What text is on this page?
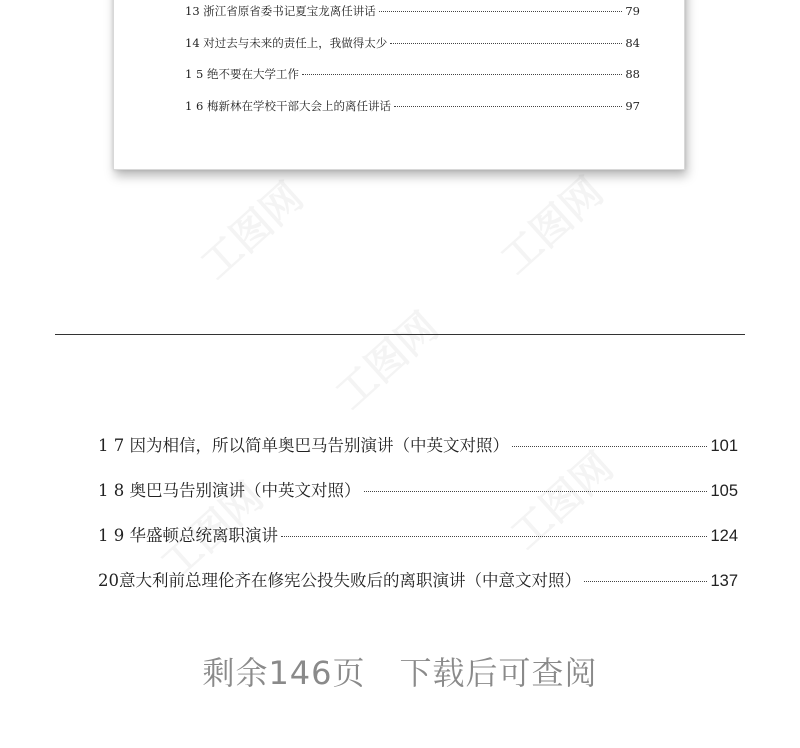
13 浙江省原省委书记夏宝龙离任讲话	79
14 对过去与未来的责任上，我做得太少	84
1 5 绝不要在大学工作	88
1 6 梅新林在学校干部大会上的离任讲话	97
1 7 因为相信，所以简单奥巴马告别演讲（中英文对照）	101
1 8 奥巴马告别演讲（中英文对照）	105
1 9 华盛顿总统离职演讲	124
20意大利前总理伦齐在修宪公投失败后的离职演讲（中意文对照）	137
剩余146页 下载后可查阅
